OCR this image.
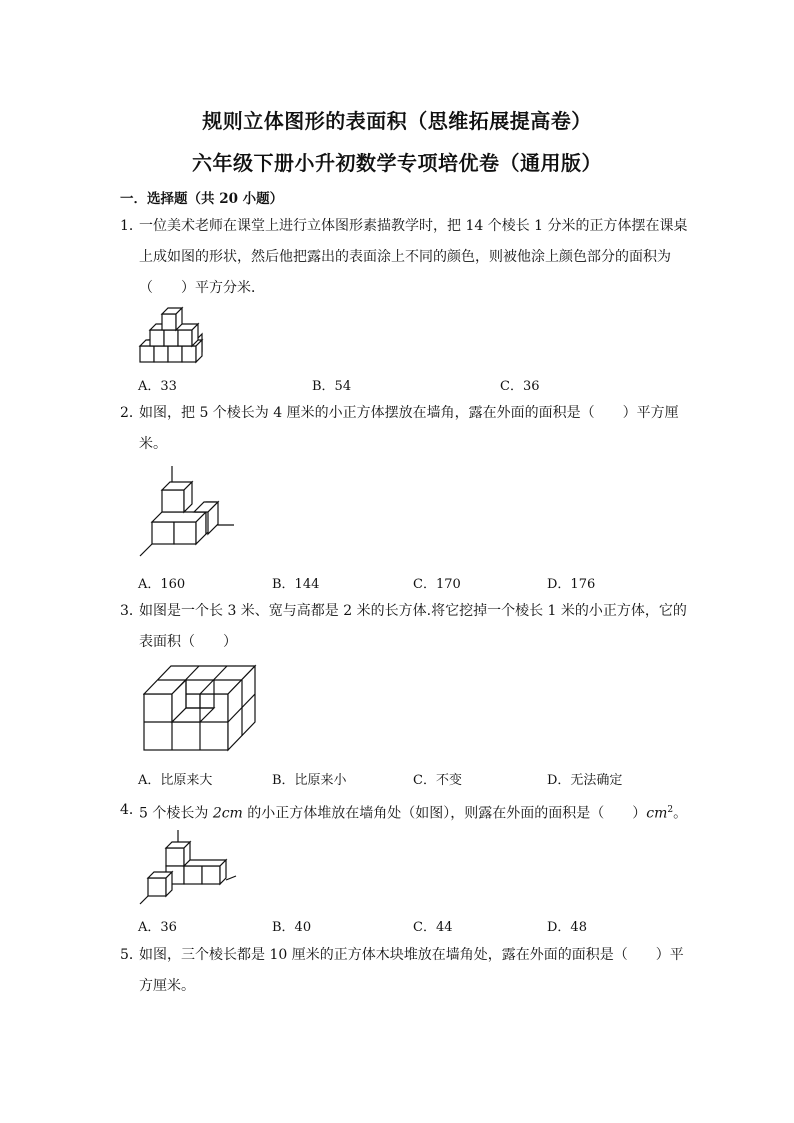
规则立体图形的表面积（思维拓展提高卷）
六年级下册小升初数学专项培优卷（通用版）
一．选择题（共 20 小题）
1．
一位美术老师在课堂上进行立体图形素描教学时，把 14 个棱长 1 分米的正方体摆在课桌
上成如图的形状，然后他把露出的表面涂上不同的颜色，则被他涂上颜色部分的面积为
（　　）平方分米．
A．33	B．54	C．36
2．
如图，把 5 个棱长为 4 厘米的小正方体摆放在墙角，露在外面的面积是（　　）平方厘
米。
A．160	B．144	C．170	D．176
3．
如图是一个长 3 米、宽与高都是 2 米的长方体.将它挖掉一个棱长 1 米的小正方体，它的
表面积（　　）
A．比原来大	B．比原来小	C．不变	D．无法确定
4．
5 个棱长为 2cm 的小正方体堆放在墙角处（如图），则露在外面的面积是（　　）$cm^2$。
A．36	B．40	C．44	D．48
5．
如图，三个棱长都是 10 厘米的正方体木块堆放在墙角处，露在外面的面积是（　　）平
方厘米。
